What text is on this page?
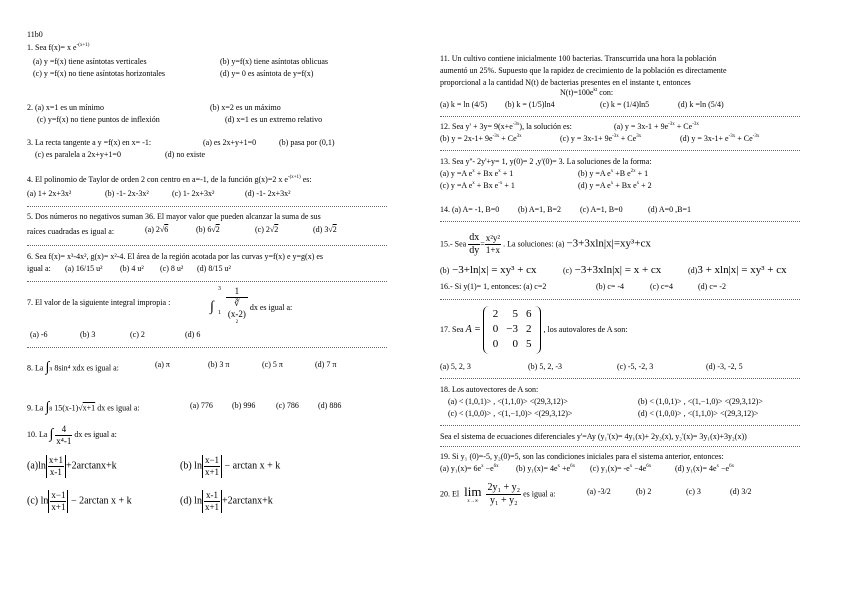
11b0
1. Sea f(x)= x $e^{-(x+1)}$
(a) y =f(x) tiene asíntotas verticales	(b) y=f(x) tiene asíntotas oblicuas
(c) y =f(x) no tiene asíntotas horizontales	(d) y= 0 es asíntota de y=f(x)
2. (a) x=1 es un mínimo	(b) x=2 es un máximo
(c) y=f(x) no tiene puntos de inflexión	(d) x=1 es un extremo relativo
3. La recta tangente a y =f(x) en x= -1:	(a) es 2x+y+1=0	(b) pasa por (0,1)
(c) es paralela a 2x+y+1=0	(d) no existe
4. El polinomio de Taylor de orden 2 con centro en a=-1, de la función g(x)=2 x $e^{-(x+1)}$ es:
(a) 1+ 2x+3x²	(b) -1- 2x-3x²	(c) 1- 2x+3x²	(d) -1- 2x+3x²
5. Dos números no negativos suman 36. El mayor valor que pueden alcanzar la suma de sus
raíces cuadradas es igual a:	(a) 2√6	(b) 6√2	(c) 2√2	(d) 3√2
6. Sea f(x)= x³-4x², g(x)= x²-4. El área de la región acotada por las curvas y=f(x) e y=g(x) es
igual a: (a) 16/15 u² (b) 4 u² (c) 8 u² (d) 8/15 u²
7. El valor de la siguiente integral impropia :	∫
3
1
1
∛
(x-2)
$^2$ dx es igual a:
(a) -6	(b) 3	(c) 2	(d) 6
8. La ∫π 8sin⁴ xdx es igual a:	(a) π	(b) 3 π	(c) 5 π	(d) 7 π
9. La ∫8 15(x-1)√x+1 dx es igual a:	(a) 776 (b) 996	(c) 786 (d) 886
10. La ∫ $\frac{4}{\text{x⁴-1}}$ dx es igual a:
$(a)\ln \frac{x+1}{x-1} +2\arctan x+k$	(b) $\ln \frac{x-1}{x+1} - \arctan x + k$
(c) $\ln \frac{x-1}{x+1} - 2\arctan$ x + k	(d) $\ln \frac{x-1}{x+1} +2\arctan x+k$
11. Un cultivo contiene inicialmente 100 bacterias. Transcurrida una hora la población
aumentó un 25%. Supuesto que la rapidez de crecimiento de la población es directamente
proporcional a la cantidad N(t) de bacterias presentes en el instante t, entonces
$N(t)=100e^{kt}$ con:
(a) k = ln (4/5) (b) k = (1/5)ln4	(c) k = (1/4)ln5	(d) k =ln (5/4)
12. Sea $y' + 3y= 9(x+e^{-3x})$, la solución es:	(a) $y = 3x-1 + 9e^{-3x} + Ce^{-3x}$
(b) $y = 2x-1+ 9e^{-3x} + Ce^{3x}$	(c) $y = 3x-1+ 9e^{-3x} + Ce^{3x}$	(d) $y = 3x-1+ e^{-3x} + Ce^{-3x}$
13. Sea y''- 2y'+y= 1, y(0)= 2 ,y'(0)= 3. La soluciones de la forma:
(a) y =A $e^x + Bx$ $e^x + 1$	(b) y =A $e^x +B$ $e^{2x} + 1$
(c) y =A $e^x + Bx$ $e^{-x} + 1$	(d) y =A $e^x + Bx$ $e^x + 2$
14. (a) A= -1, B=0 (b) A=1, B=2 (c) A=1, B=0	(d) A=0 ,B=1
15.- Sea $\frac{dx}{dy} = \frac{\text{x²y²}}{1+x}$ . La soluciones: (a) −3+3xln|x|=xy³+cx
(b) −3+ln|x| = xy³ + cx	(c) −3+3xln|x| = x + cx	(d)3 + xln|x| = xy³ + cx
16.- Si y(1)= 1, entonces: (a) c=2	(b) c= -4	(c) c=4	(d) c= -2
17. Sea A =
2	5	6
0	−3	2
0	0	5
, los autovalores de A son:
(a) 5, 2, 3	(b) 5, 2, -3	(c) -5, -2, 3	(d) -3, -2, 5
18. Los autovectores de A son:
(a) < (1,0,1)> , <(1,1,0)> <(29,3,12)>	(b) < (1,0,1)> , <(1,−1,0)> <(29,3,12)>
(c) < (1,0,0)> , <(1,−1,0)> <(29,3,12)>	(d) < (1,0,0)> , <(1,1,0)> <(29,3,12)>
Sea el sistema de ecuaciones diferenciales y'=Ay (y₁'(x)= 4y₁(x)+ 2y₂(x), y₂'(x)= 3y₁(x)+3y₂(x))
19. Si y₁ (0)=-5, y₂(0)=5, son las condiciones iniciales para el sistema anterior, entonces:
(a) $y_1(x)= 6e^x -e^{6x}$ (b) $y_1(x)= 4e^x +e^{6x}$ (c) $y_1(x)= -e^x -4e^{6x}$	(d) $y_1(x)= 4e^x -e^{6x}$
20. El lim
x→∞
$\frac{\text{2y₁ + y₂}}{\text{y₁ + y₂}}$ es igual a:	(a) -3/2	(b) 2	(c) 3	(d) 3/2
